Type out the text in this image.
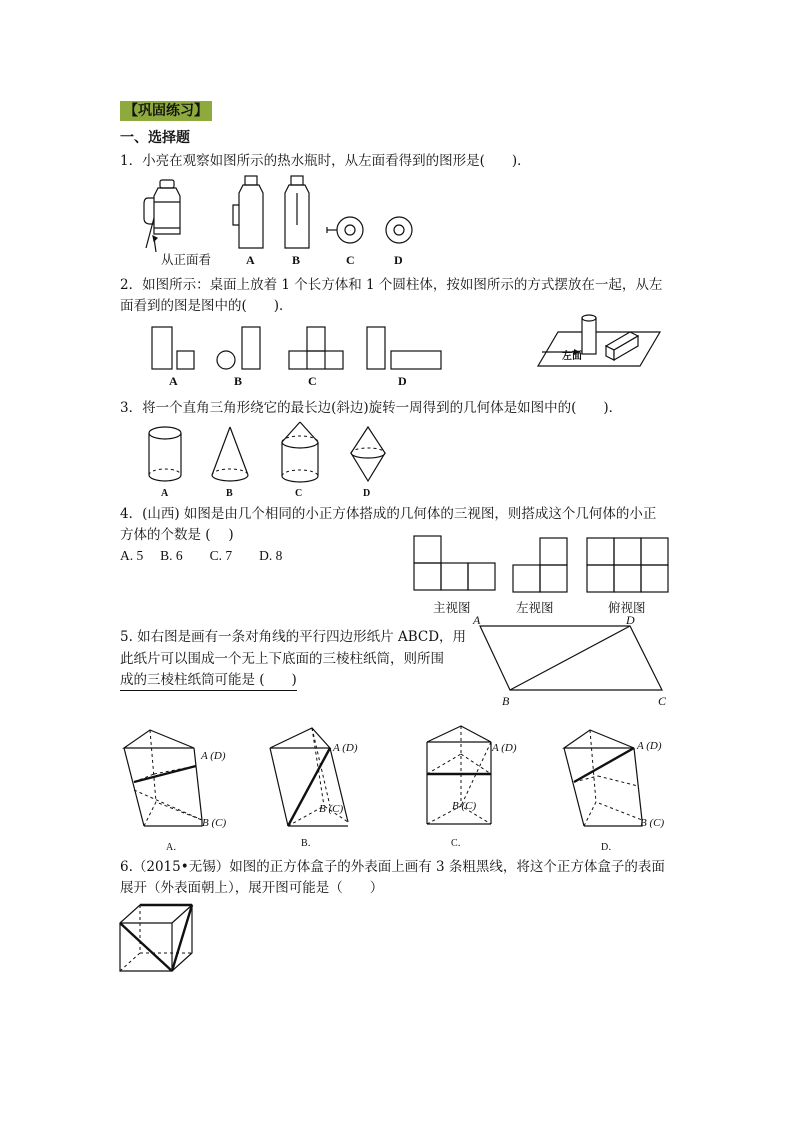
【巩固练习】
一、选择题
1．小亮在观察如图所示的热水瓶时，从左面看得到的图形是(　　)．
从正面看	A	B	C	D
2．如图所示：桌面上放着 1 个长方体和 1 个圆柱体，按如图所示的方式摆放在一起，从左
面看到的图是图中的(　　)．
A	B	C	D
左面
3．将一个直角三角形绕它的最长边(斜边)旋转一周得到的几何体是如图中的(　　)．
A	B	C	D
4．(山西) 如图是由几个相同的小正方体搭成的几何体的三视图，则搭成这个几何体的小正
方体的个数是 (　 )
A. 5　 B. 6　　C. 7　　D. 8
主视图	左视图	俯视图
5. 如右图是画有一条对角线的平行四边形纸片 ABCD，用
此纸片可以围成一个无上下底面的三棱柱纸筒，则所围
成的三棱柱纸筒可能是 (　　)
A	D
B	C
A (D)
B (C)
A．
A (D)
B (C)
B．
A (D)
B (C)
C．
A (D)
B (C)
D．
6.（2015•无锡）如图的正方体盒子的外表面上画有 3 条粗黑线，将这个正方体盒子的表面
展开（外表面朝上），展开图可能是（　　）
